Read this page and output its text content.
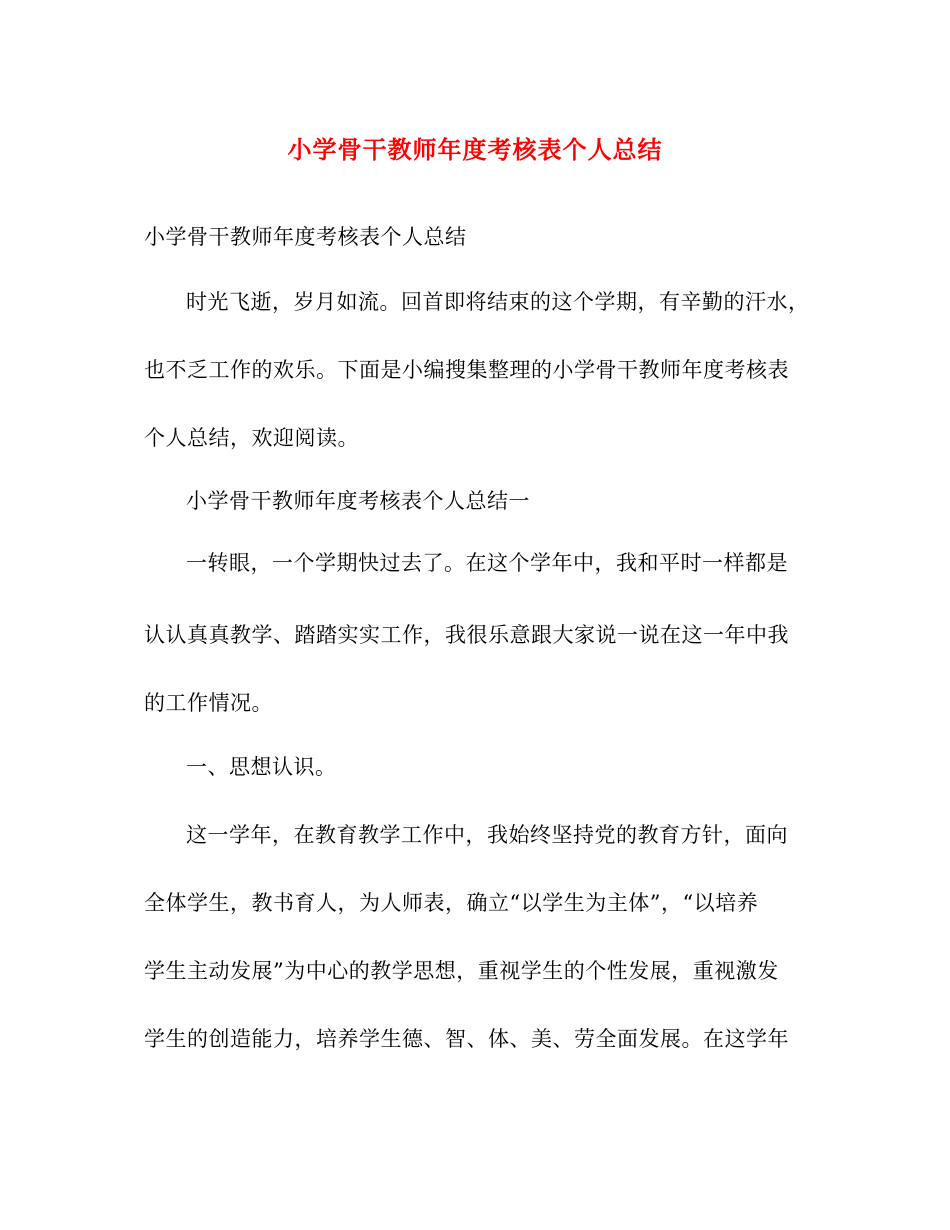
小学骨干教师年度考核表个人总结
小学骨干教师年度考核表个人总结
时光飞逝，岁月如流。回首即将结束的这个学期，有辛勤的汗水，
也不乏工作的欢乐。下面是小编搜集整理的小学骨干教师年度考核表
个人总结，欢迎阅读。
小学骨干教师年度考核表个人总结一
一转眼，一个学期快过去了。在这个学年中，我和平时一样都是
认认真真教学、踏踏实实工作，我很乐意跟大家说一说在这一年中我
的工作情况。
一、思想认识。
这一学年，在教育教学工作中，我始终坚持党的教育方针，面向
全体学生，教书育人，为人师表，确立“以学生为主体”，“以培养
学生主动发展”为中心的教学思想，重视学生的个性发展，重视激发
学生的创造能力，培养学生德、智、体、美、劳全面发展。在这学年
